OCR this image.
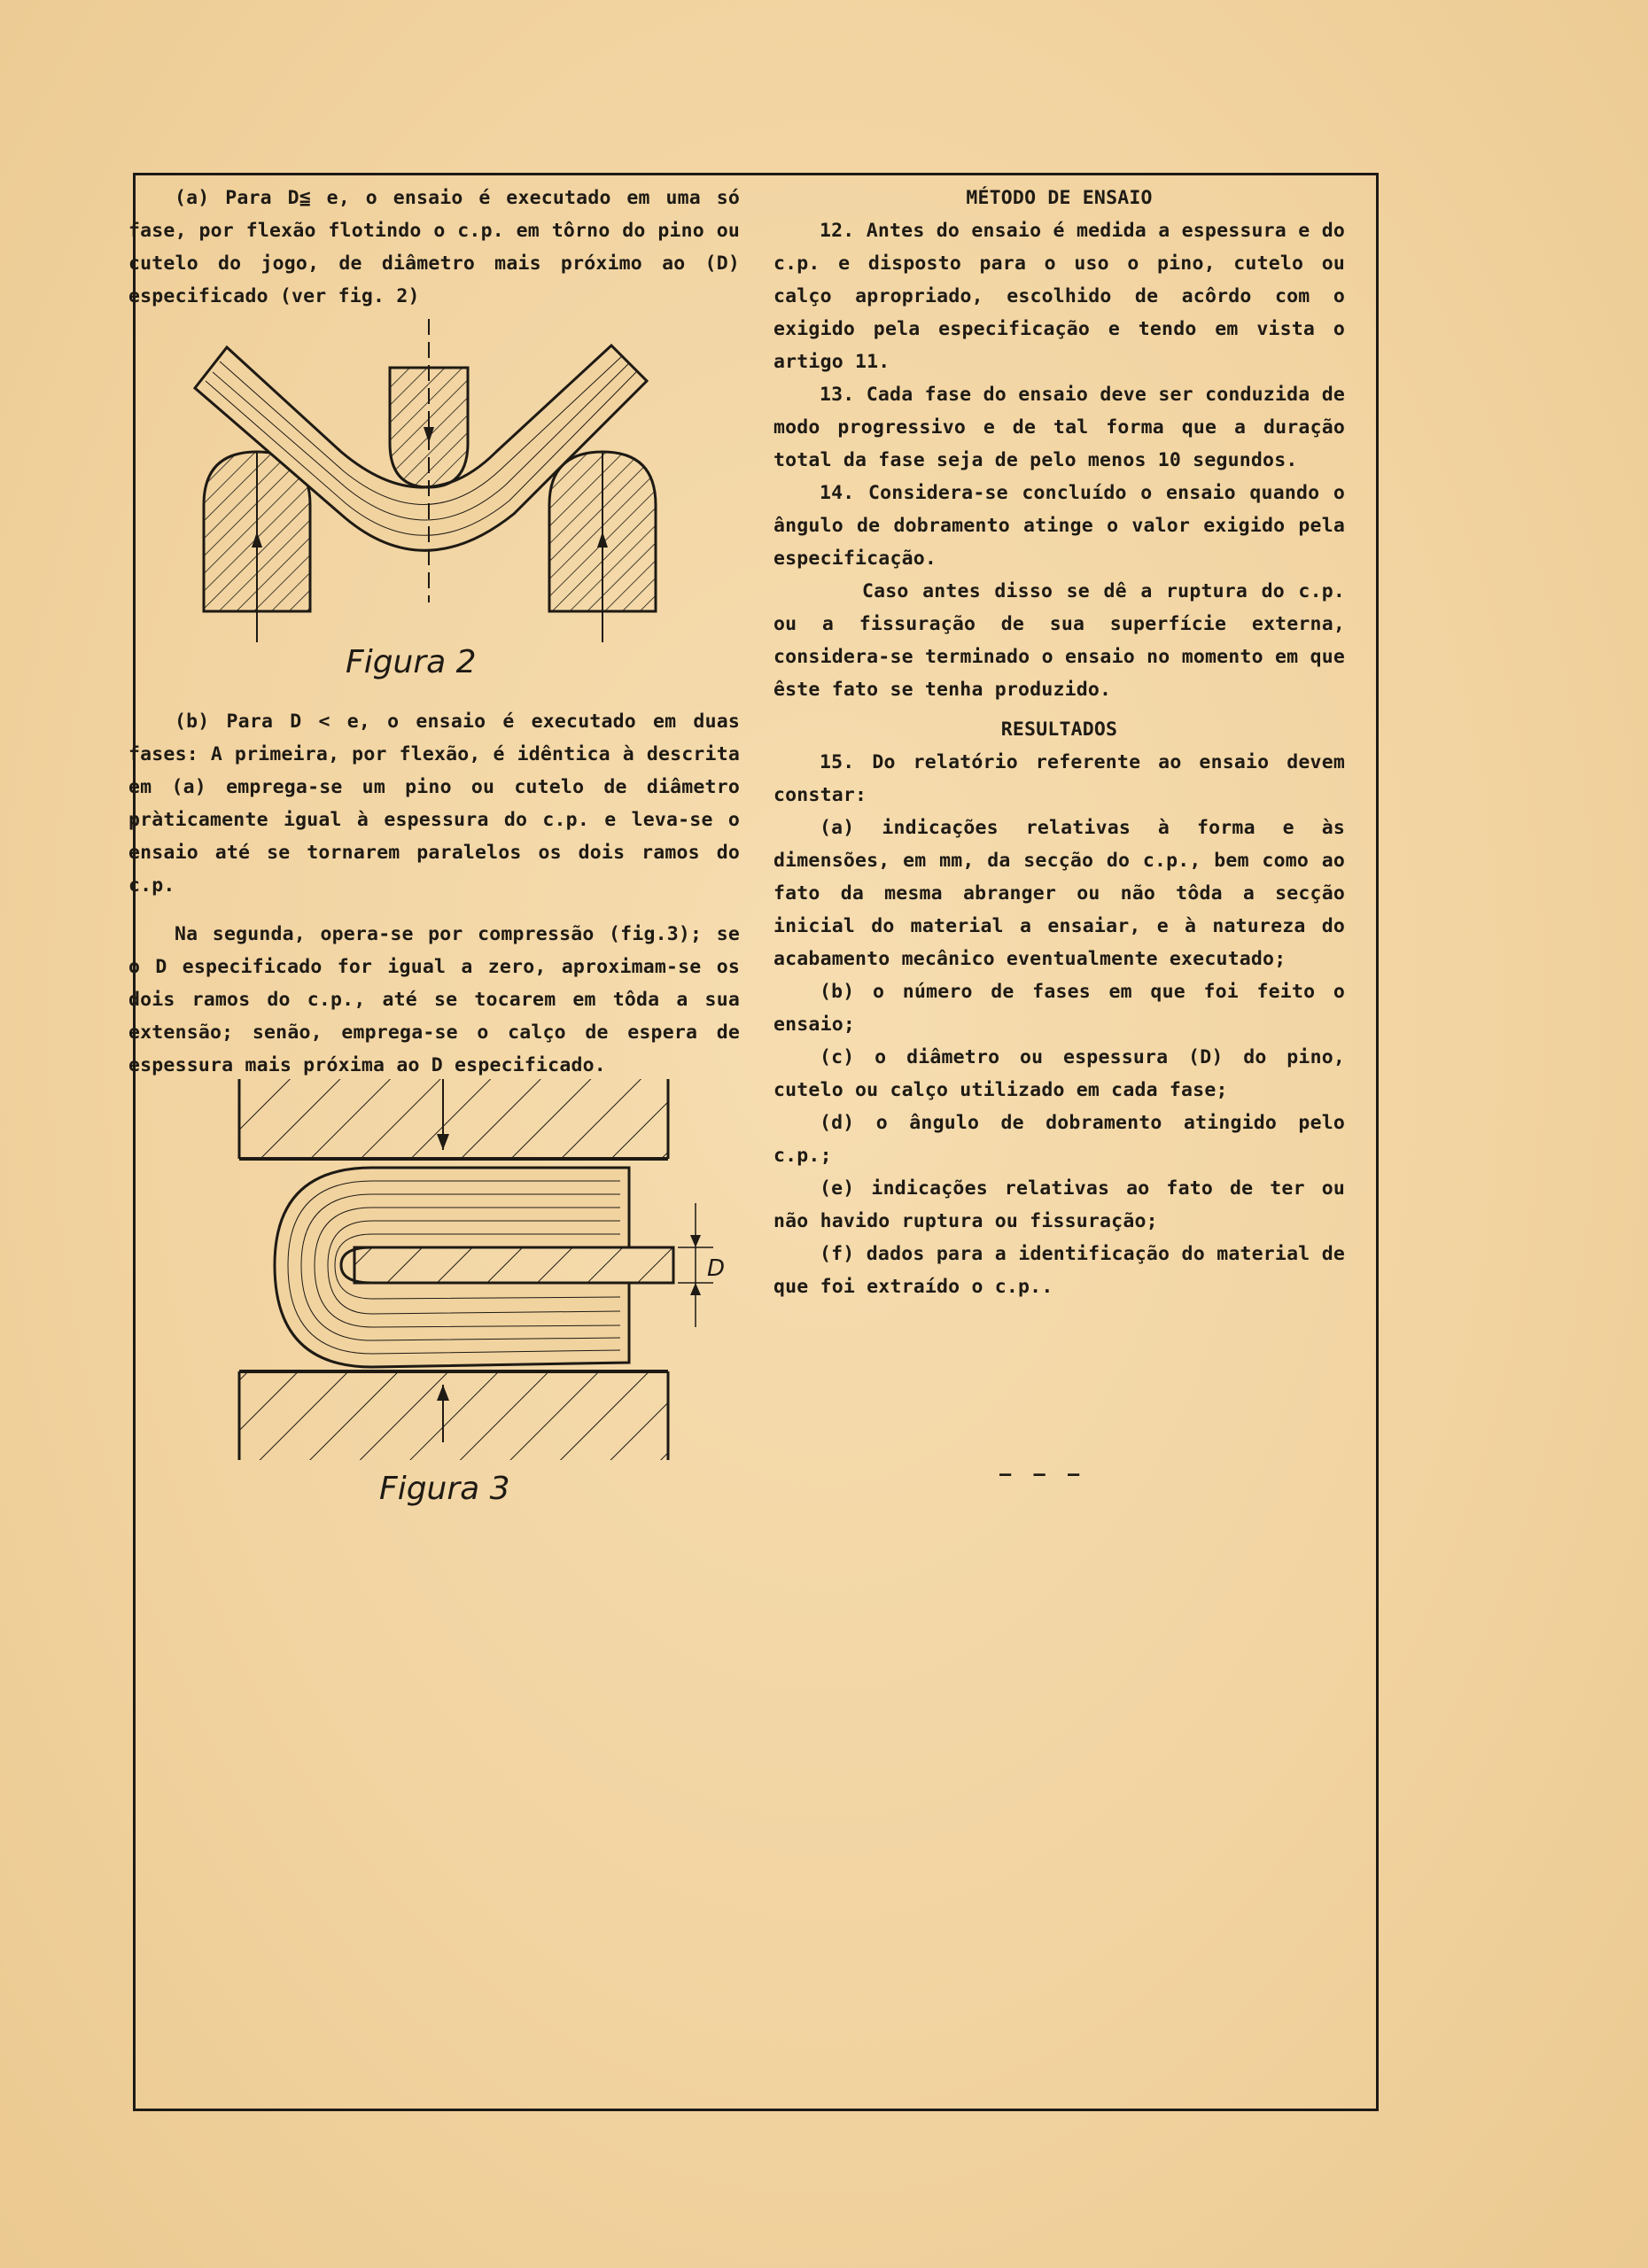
(a) Para D≦ e, o ensaio é executado em uma só fase, por flexão flotindo o c.p. em tôrno do pino ou cutelo do jogo, de diâmetro mais próximo ao (D) especificado (ver fig. 2)

Figura 2

(b) Para D < e, o ensaio é executado em duas fases: A primeira, por flexão, é idêntica à descrita em (a) emprega-se um pino ou cutelo de diâmetro pràticamente igual à espessura do c.p. e leva-se o ensaio até se tornarem paralelos os dois ramos do c.p.

Na segunda, opera-se por compressão (fig.3); se o D especificado for igual a zero, aproximam-se os dois ramos do c.p., até se tocarem em tôda a sua extensão; senão, emprega-se o calço de espera de espessura mais próxima ao D especificado.

D
Figura 3

MÉTODO DE ENSAIO

12. Antes do ensaio é medida a espessura e do c.p. e disposto para o uso o pino, cutelo ou calço apropriado, escolhido de acôrdo com o exigido pela especificação e tendo em vista o artigo 11.

13. Cada fase do ensaio deve ser conduzida de modo progressivo e de tal forma que a duração total da fase seja de pelo menos 10 segundos.

14. Considera-se concluído o ensaio quando o ângulo de dobramento atinge o valor exigido pela especificação.

Caso antes disso se dê a ruptura do c.p. ou a fissuração de sua superfície externa, considera-se terminado o ensaio no momento em que êste fato se tenha produzido.

RESULTADOS

15. Do relatório referente ao ensaio devem constar:

(a) indicações relativas à forma e às dimensões, em mm, da secção do c.p., bem como ao fato da mesma abranger ou não tôda a secção inicial do material a ensaiar, e à natureza do acabamento mecânico eventualmente executado;

(b) o número de fases em que foi feito o ensaio;

(c) o diâmetro ou espessura (D) do pino, cutelo ou calço utilizado em cada fase;

(d) o ângulo de dobramento atingido pelo c.p.;

(e) indicações relativas ao fato de ter ou não havido ruptura ou fissuração;

(f) dados para a identificação do material de que foi extraído o c.p..

— — —
